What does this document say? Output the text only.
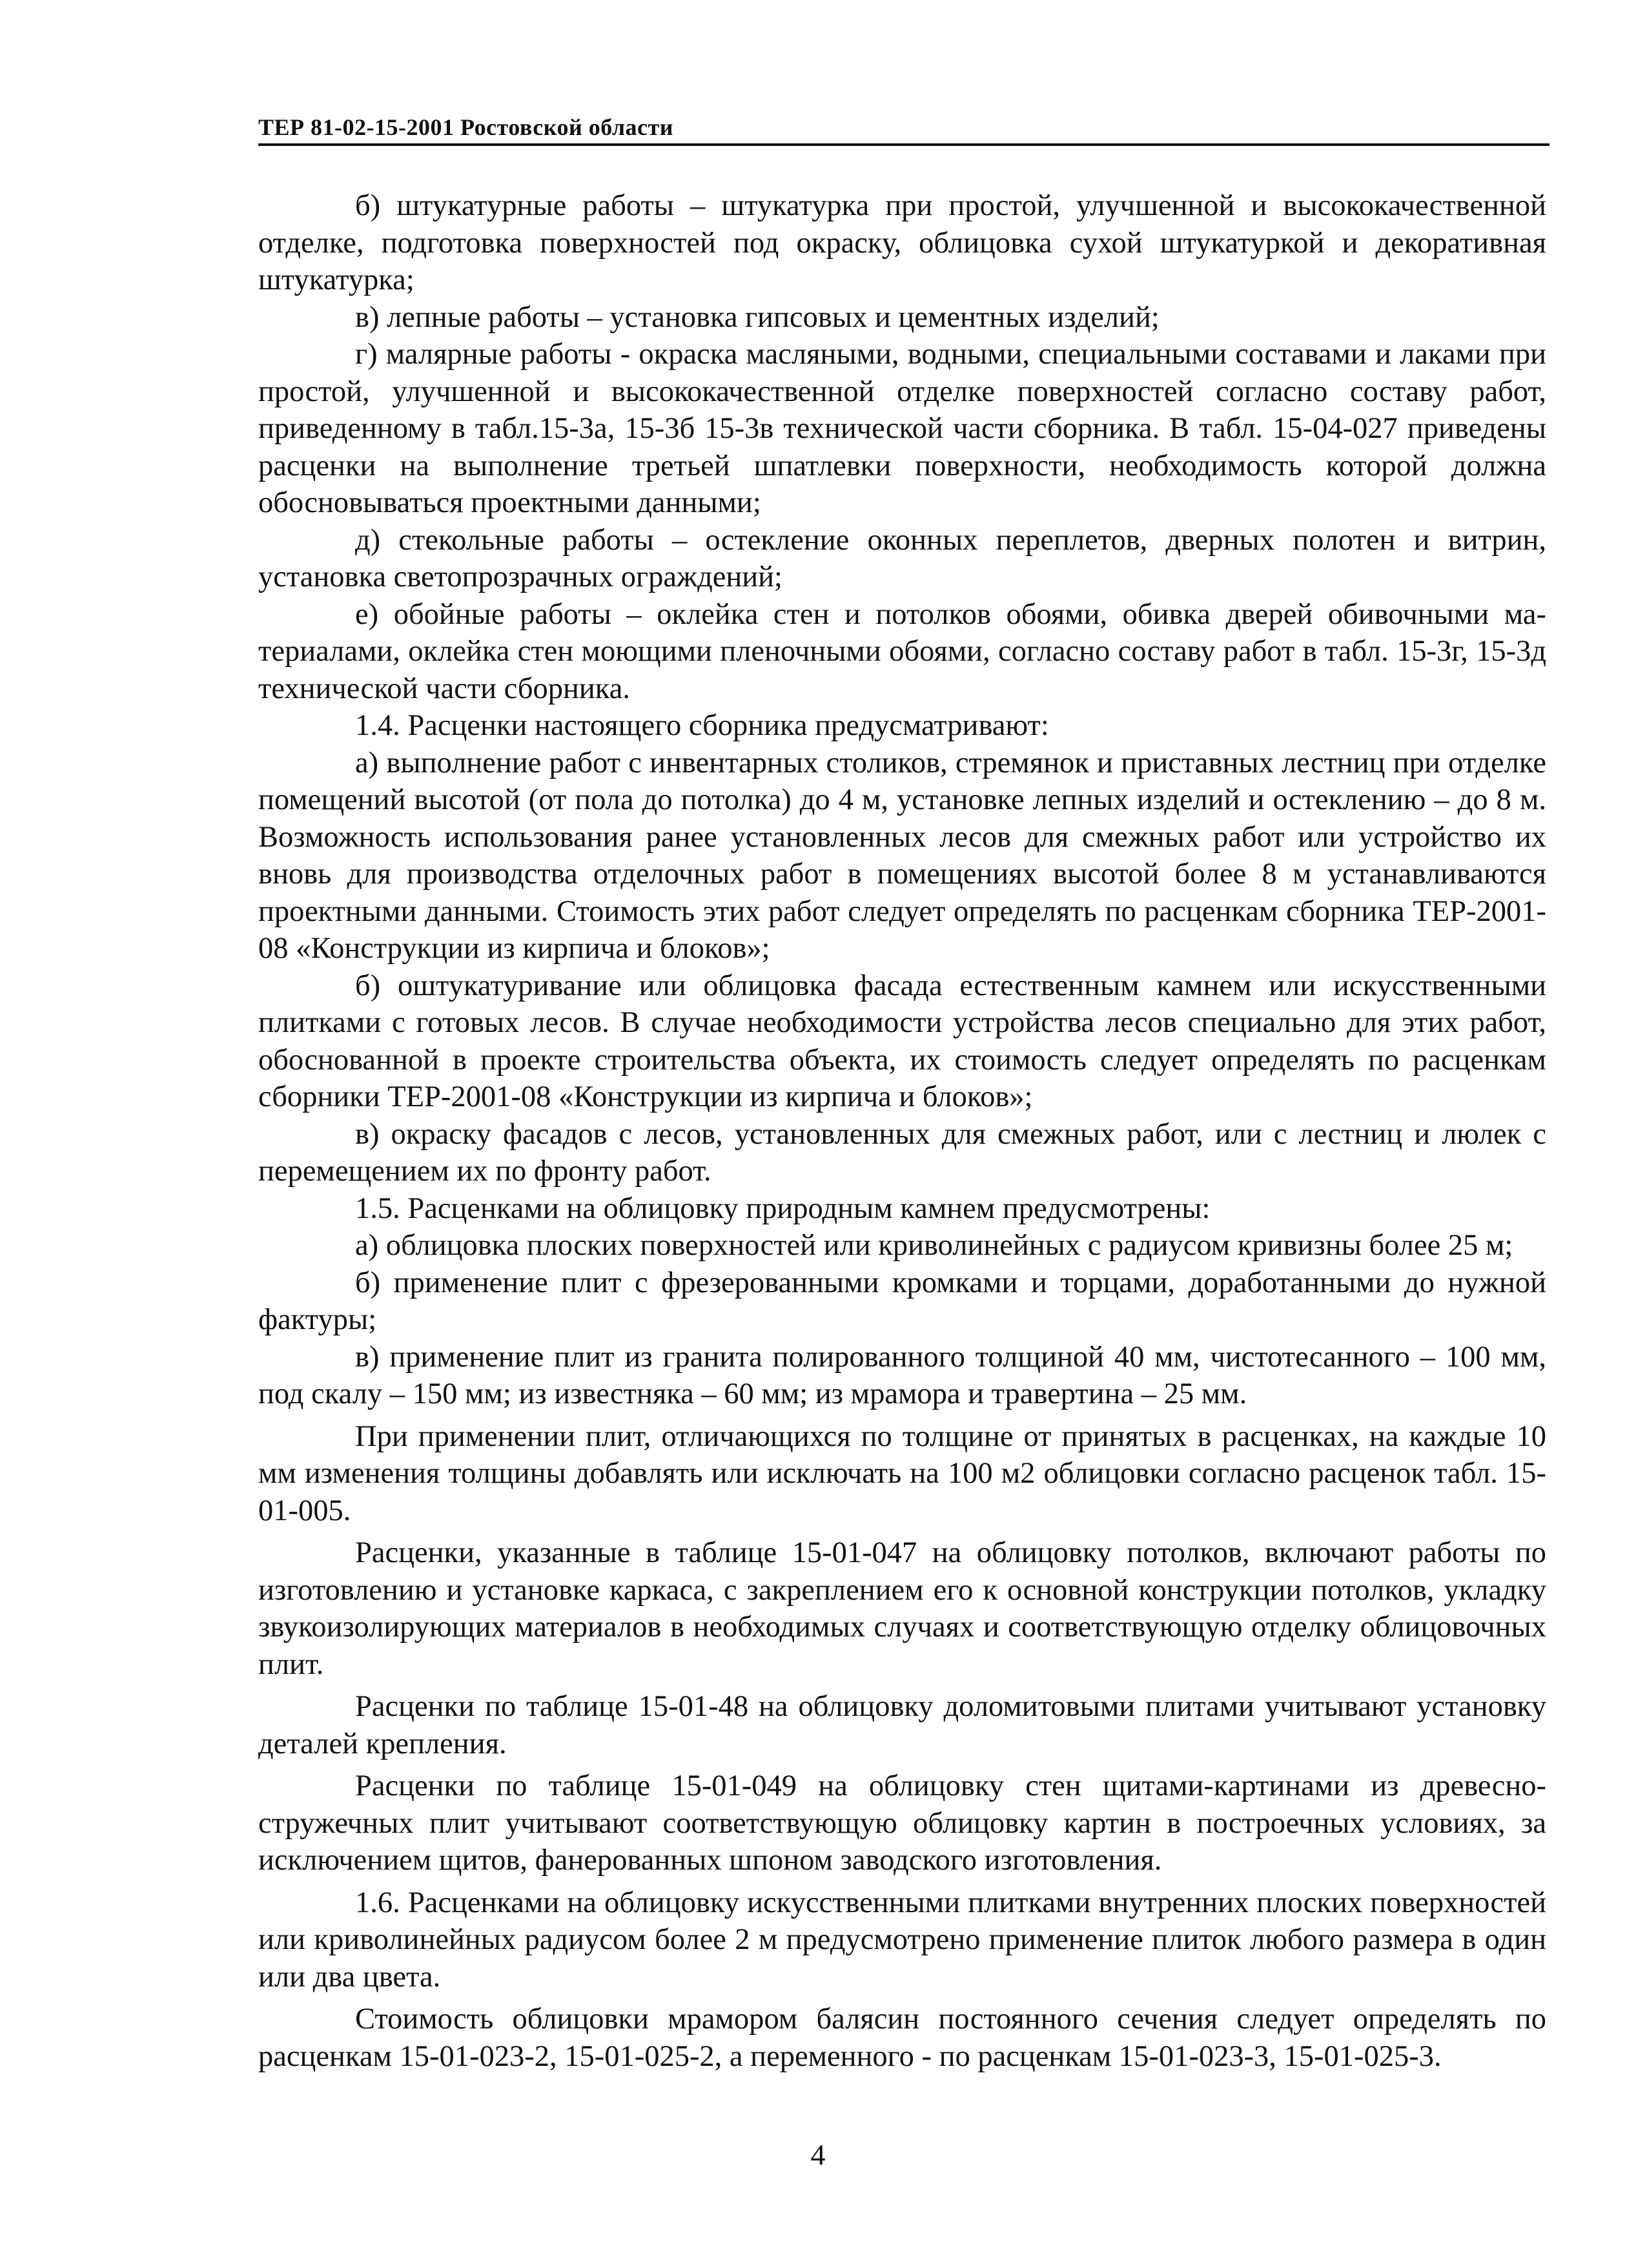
ТЕР 81-02-15-2001 Ростовской области

б) штукатурные работы – штукатурка при простой, улучшенной и высококачественной отделке, подготовка поверхностей под окраску, облицовка сухой штукатуркой и декоративная штукатурка;

в) лепные работы – установка гипсовых и цементных изделий;

г) малярные работы - окраска масляными, водными, специальными составами и лаками при простой, улучшенной и высококачественной отделке поверхностей согласно составу работ, приведенному в табл.15-3а, 15-3б 15-3в технической части сборника. В табл. 15-04-027 приведены расценки на выполнение третьей шпатлевки поверхности, необходимость которой должна обосновываться проектными данными;

д) стекольные работы – остекление оконных переплетов, дверных полотен и витрин, установка светопрозрачных ограждений;

е) обойные работы – оклейка стен и потолков обоями, обивка дверей обивочными материалами, оклейка стен моющими пленочными обоями, согласно составу работ в табл. 15-3г, 15-3д технической части сборника.

1.4. Расценки настоящего сборника предусматривают:

а) выполнение работ с инвентарных столиков, стремянок и приставных лестниц при отделке помещений высотой (от пола до потолка) до 4 м, установке лепных изделий и остеклению – до 8 м. Возможность использования ранее установленных лесов для смежных работ или устройство их вновь для производства отделочных работ в помещениях высотой более 8 м устанавливаются проектными данными. Стоимость этих работ следует определять по расценкам сборника ТЕР-2001-08 «Конструкции из кирпича и блоков»;

б) оштукатуривание или облицовка фасада естественным камнем или искусственными плитками с готовых лесов. В случае необходимости устройства лесов специально для этих работ, обоснованной в проекте строительства объекта, их стоимость следует определять по расценкам сборники ТЕР-2001-08 «Конструкции из кирпича и блоков»;

в) окраску фасадов с лесов, установленных для смежных работ, или с лестниц и люлек с перемещением их по фронту работ.

1.5. Расценками на облицовку природным камнем предусмотрены:

а) облицовка плоских поверхностей или криволинейных с радиусом кривизны более 25 м;

б) применение плит с фрезерованными кромками и торцами, доработанными до нужной фактуры;

в) применение плит из гранита полированного толщиной 40 мм, чистотесанного – 100 мм, под скалу – 150 мм; из известняка – 60 мм; из мрамора и травертина – 25 мм.

При применении плит, отличающихся по толщине от принятых в расценках, на каждые 10 мм изменения толщины добавлять или исключать на 100 м2 облицовки согласно расценок табл. 15-01-005.

Расценки, указанные в таблице 15-01-047 на облицовку потолков, включают работы по изготовлению и установке каркаса, с закреплением его к основной конструкции потолков, укладку звукоизолирующих материалов в необходимых случаях и соответствующую отделку облицовочных плит.

Расценки по таблице 15-01-48 на облицовку доломитовыми плитами учитывают установку деталей крепления.

Расценки по таблице 15-01-049 на облицовку стен щитами-картинами из древесностружечных плит учитывают соответствующую облицовку картин в построечных условиях, за исключением щитов, фанерованных шпоном заводского изготовления.

1.6. Расценками на облицовку искусственными плитками внутренних плоских поверхностей или криволинейных радиусом более 2 м предусмотрено применение плиток любого размера в один или два цвета.

Стоимость облицовки мрамором балясин постоянного сечения следует определять по расценкам 15-01-023-2, 15-01-025-2, а переменного - по расценкам 15-01-023-3, 15-01-025-3.

4
